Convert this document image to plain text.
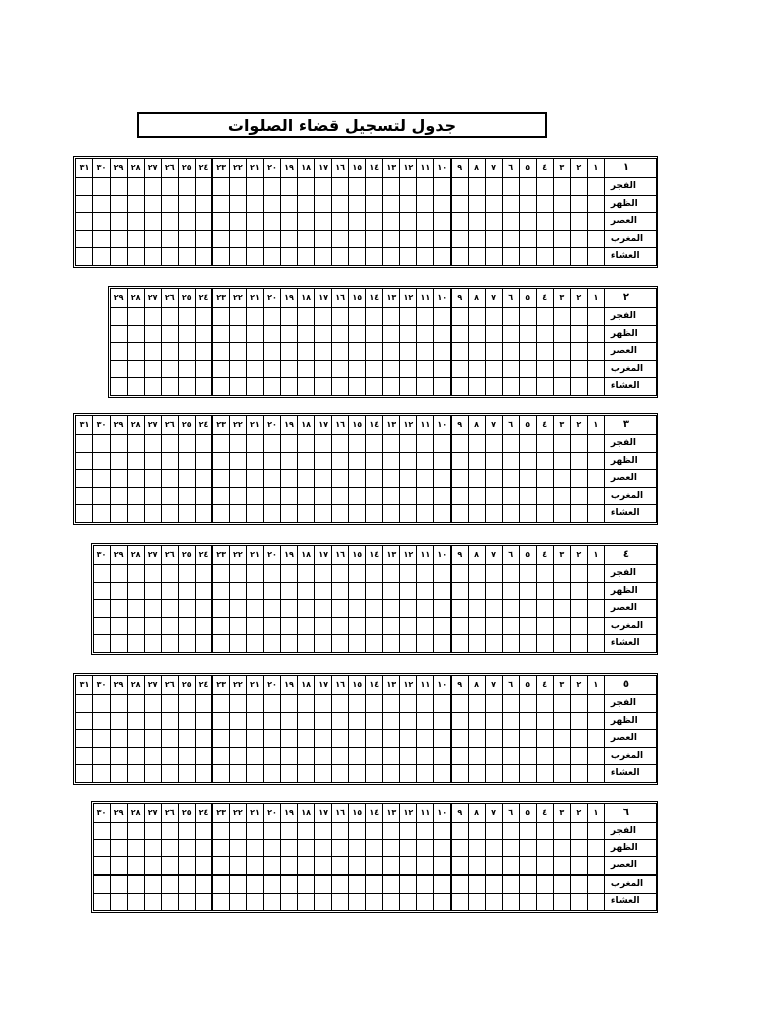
جدول لتسجيل قضاء الصلوات
١	١	٢	٣	٤	٥	٦	٧	٨	٩	١٠	١١	١٢	١٣	١٤	١٥	١٦	١٧	١٨	١٩	٢٠	٢١	٢٢	٢٣	٢٤	٢٥	٢٦	٢٧	٢٨	٢٩	٣٠	٣١
الفجر																															
الظهر																															
العصر																															
المغرب																															
العشاء																															
٢	١	٢	٣	٤	٥	٦	٧	٨	٩	١٠	١١	١٢	١٣	١٤	١٥	١٦	١٧	١٨	١٩	٢٠	٢١	٢٢	٢٣	٢٤	٢٥	٢٦	٢٧	٢٨	٢٩
الفجر																													
الظهر																													
العصر																													
المغرب																													
العشاء																													
٣	١	٢	٣	٤	٥	٦	٧	٨	٩	١٠	١١	١٢	١٣	١٤	١٥	١٦	١٧	١٨	١٩	٢٠	٢١	٢٢	٢٣	٢٤	٢٥	٢٦	٢٧	٢٨	٢٩	٣٠	٣١
الفجر																															
الظهر																															
العصر																															
المغرب																															
العشاء																															
٤	١	٢	٣	٤	٥	٦	٧	٨	٩	١٠	١١	١٢	١٣	١٤	١٥	١٦	١٧	١٨	١٩	٢٠	٢١	٢٢	٢٣	٢٤	٢٥	٢٦	٢٧	٢٨	٢٩	٣٠
الفجر																														
الظهر																														
العصر																														
المغرب																														
العشاء																														
٥	١	٢	٣	٤	٥	٦	٧	٨	٩	١٠	١١	١٢	١٣	١٤	١٥	١٦	١٧	١٨	١٩	٢٠	٢١	٢٢	٢٣	٢٤	٢٥	٢٦	٢٧	٢٨	٢٩	٣٠	٣١
الفجر																															
الظهر																															
العصر																															
المغرب																															
العشاء																															
٦	١	٢	٣	٤	٥	٦	٧	٨	٩	١٠	١١	١٢	١٣	١٤	١٥	١٦	١٧	١٨	١٩	٢٠	٢١	٢٢	٢٣	٢٤	٢٥	٢٦	٢٧	٢٨	٢٩	٣٠
الفجر																														
الظهر																														
العصر																														
المغرب																														
العشاء																														
